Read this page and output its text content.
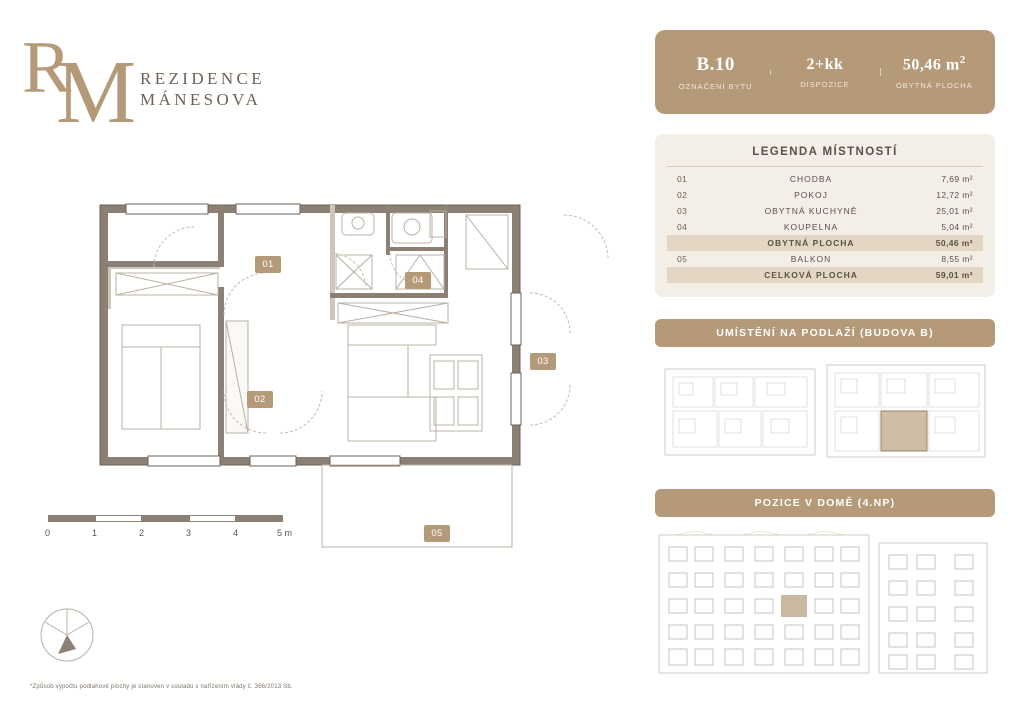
R
M REZIDENCE
MÁNESOVA
01
02
03
04
05
0	1	2	3	4	5 m
*Způsob výpočtu podlahové plochy je stanoven v souladu s nařízením vlády č. 366/2013 Sb.
B.10
OZNAČENÍ BYTU
2+kk
DISPOZICE
50,46 $m^2$
OBYTNÁ PLOCHA
LEGENDA MÍSTNOSTÍ
01	CHODBA	7,69 m²
02	POKOJ	12,72 m²
03	OBYTNÁ KUCHYNĚ	25,01 m²
04	KOUPELNA	5,04 m²
OBYTNÁ PLOCHA	50,46 m²
05	BALKON	8,55 m²
CELKOVÁ PLOCHA	59,01 m²
UMÍSTĚNÍ NA PODLAŽÍ (BUDOVA B)
POZICE V DOMĚ (4.NP)
